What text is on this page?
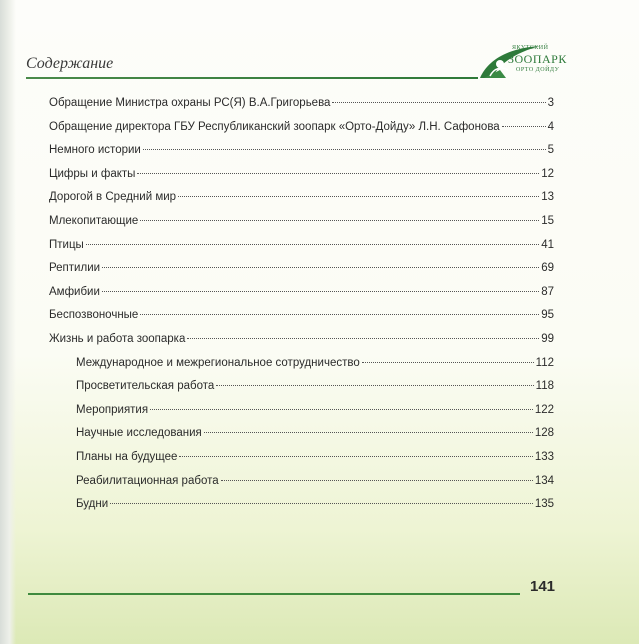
Содержание
ЯКУТСКИЙ
ЗООПАРК
ОРТО ДОЙДУ
Обращение Министра охраны РС(Я) В.А.Григорьева	3
Обращение директора ГБУ Республиканский зоопарк «Орто-Дойду» Л.Н. Сафонова	4
Немного истории	5
Цифры и факты	12
Дорогой в Средний мир	13
Млекопитающие	15
Птицы	41
Рептилии	69
Амфибии	87
Беспозвоночные	95
Жизнь и работа зоопарка	99
Международное и межрегиональное сотрудничество	112
Просветительская работа	118
Мероприятия	122
Научные исследования	128
Планы на будущее	133
Реабилитационная работа	134
Будни	135
141
